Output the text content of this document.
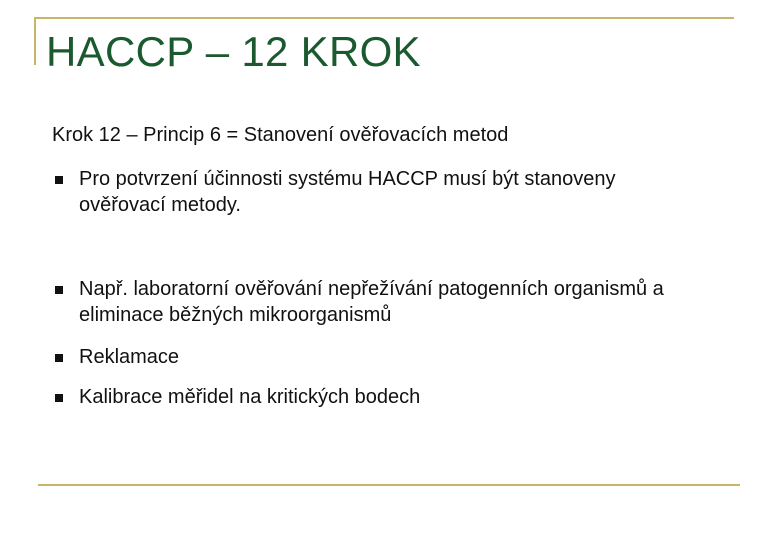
HACCP – 12 KROK

Krok 12 – Princip 6 = Stanovení ověřovacích metod

Pro potvrzení účinnosti systému HACCP musí být stanoveny ověřovací metody.
Např. laboratorní ověřování nepřežívání patogenních organismů a eliminace běžných mikroorganismů
Reklamace
Kalibrace měřidel na kritických bodech
